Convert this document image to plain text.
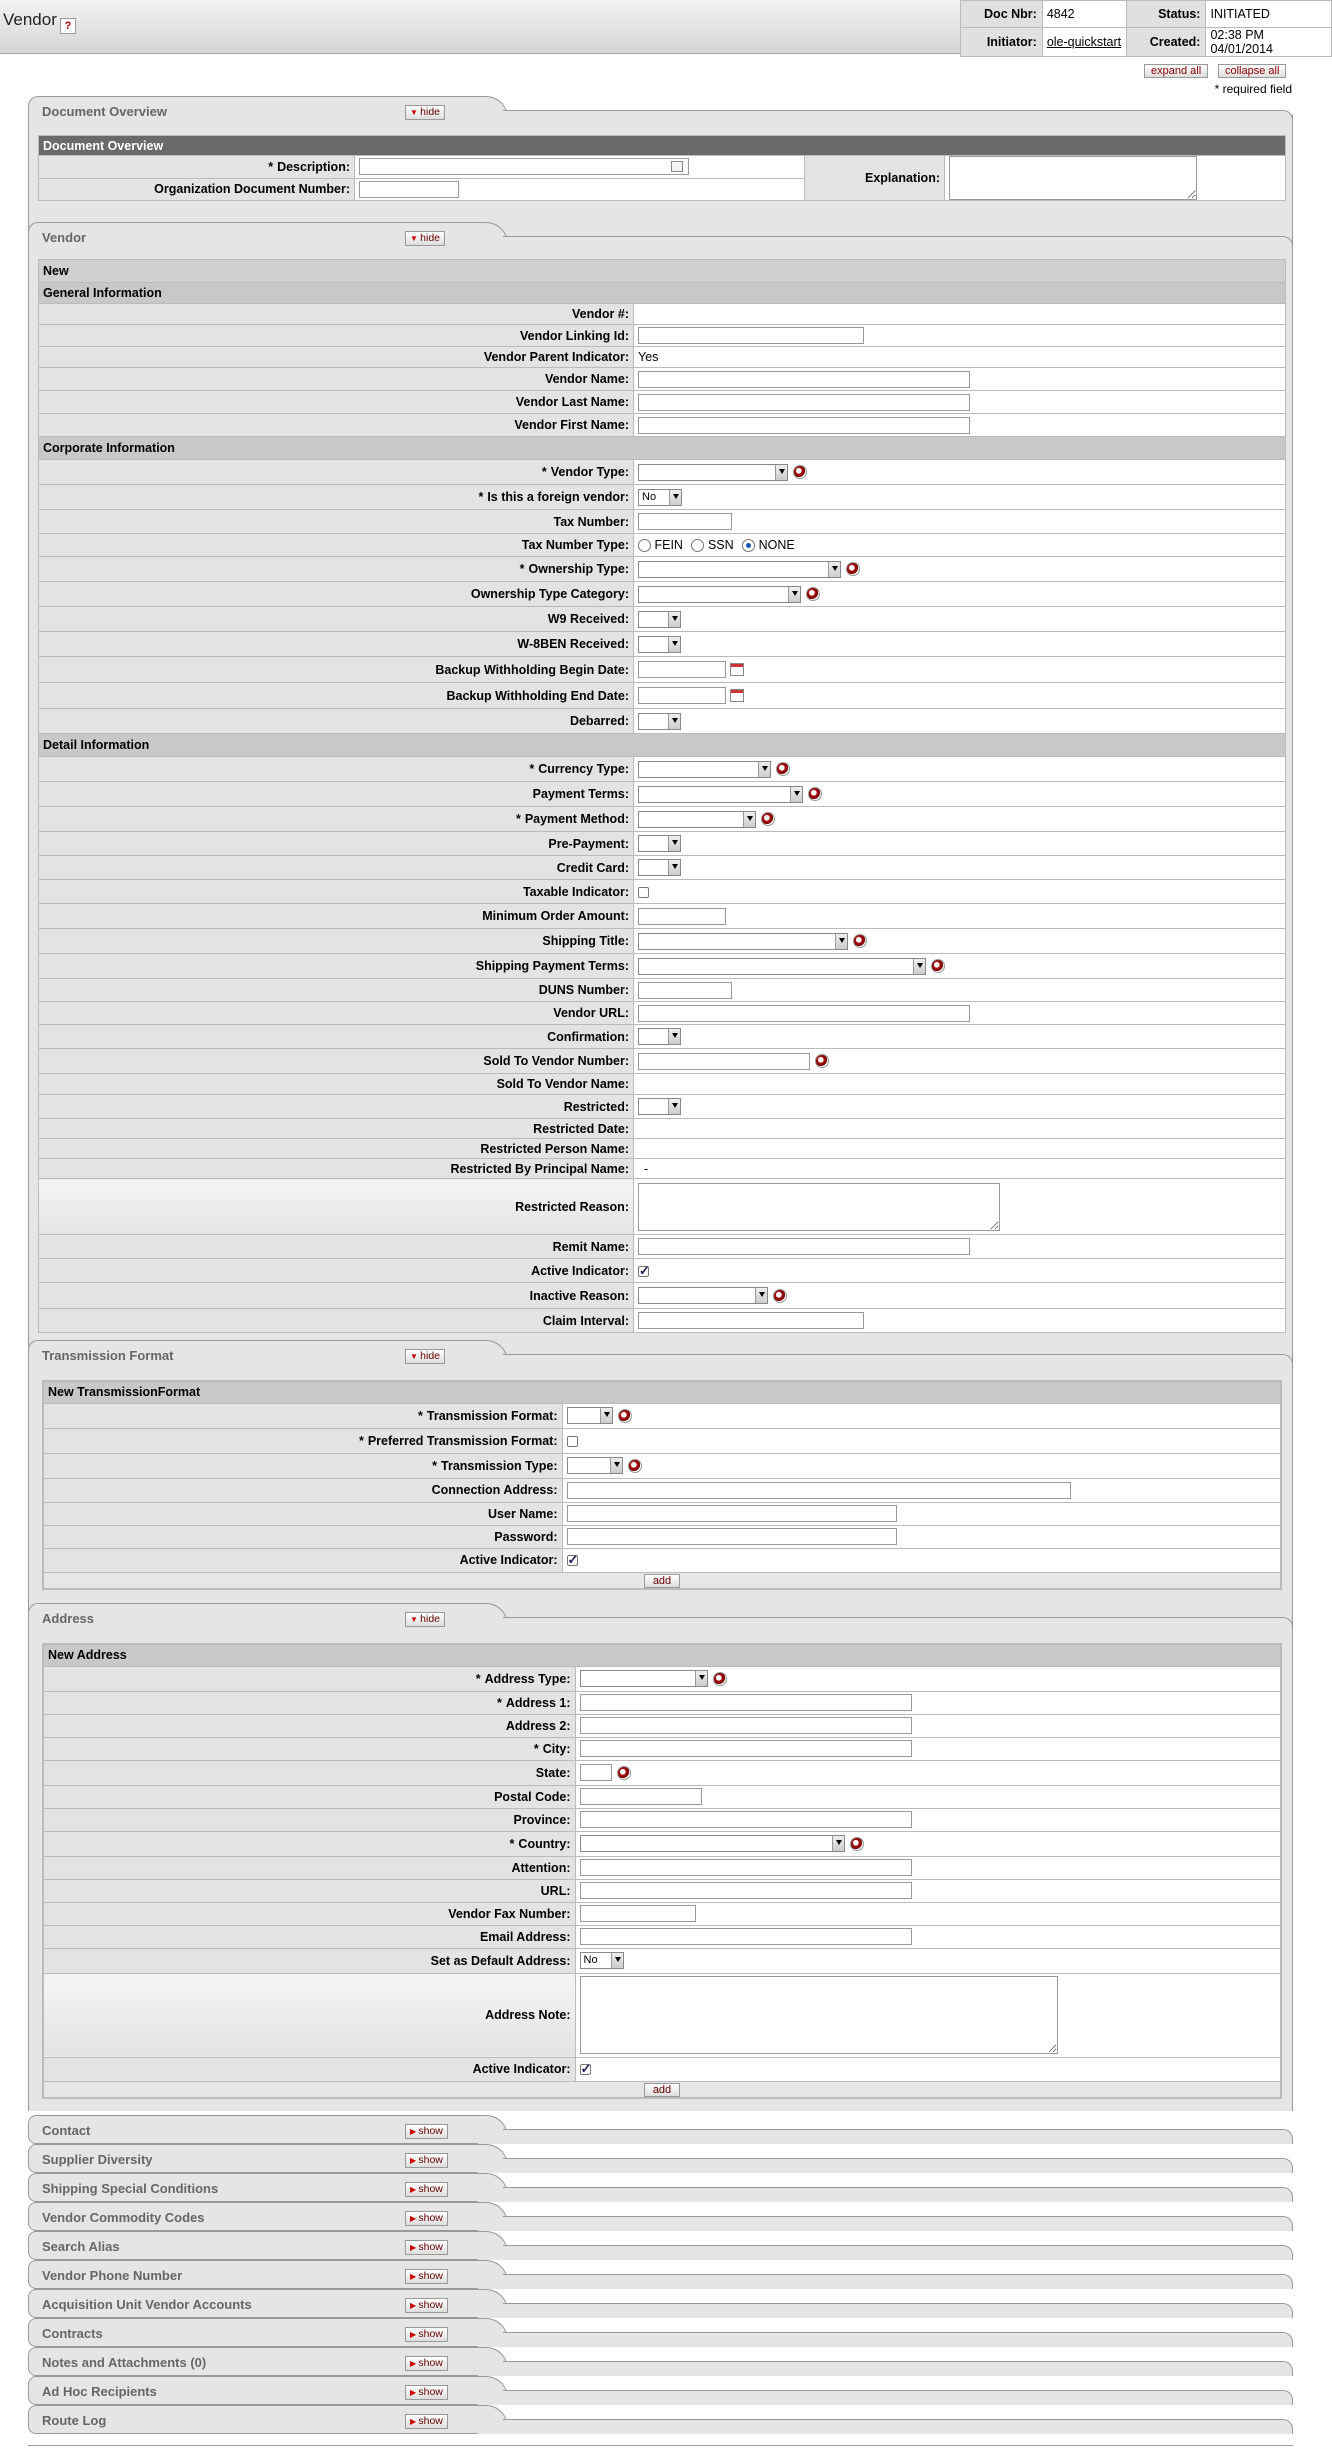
Vendor ?
Doc Nbr:	4842	Status:	INITIATED
Initiator:	ole-quickstart	Created:	02:38 PM 04/01/2014
expand all	collapse all
* required field
Document Overview	▼ hide
Document Overview			
* Description:		Explanation:	
Organization Document Number:	
Vendor	▼ hide
New	
General Information	
Vendor #:	
Vendor Linking Id:	
Vendor Parent Indicator:	Yes
Vendor Name:	
Vendor Last Name:	
Vendor First Name:	
Corporate Information	
* Vendor Type:	

* Is this a foreign vendor:	No

Tax Number:	
Tax Number Type:	FEIN SSN NONE
* Ownership Type:	

Ownership Type Category:	

W9 Received:	

W-8BEN Received:	

Backup Withholding Begin Date:	
Backup Withholding End Date:	
Debarred:	

Detail Information	
* Currency Type:	

Payment Terms:	

* Payment Method:	

Pre-Payment:	

Credit Card:	

Taxable Indicator:	
Minimum Order Amount:	
Shipping Title:	

Shipping Payment Terms:	

DUNS Number:	
Vendor URL:	
Confirmation:	

Sold To Vendor Number:	
Sold To Vendor Name:	
Restricted:	

Restricted Date:	
Restricted Person Name:	
Restricted By Principal Name:	-
Restricted Reason:	
Remit Name:	
Active Indicator:	✓
Inactive Reason:	

Claim Interval:	
Transmission Format	▼ hide
New TransmissionFormat	
* Transmission Format:	

* Preferred Transmission Format:	
* Transmission Type:	

Connection Address:	
User Name:	
Password:	
Active Indicator:	✓
add	
Address	▼ hide
New Address	
* Address Type:	

* Address 1:	
Address 2:	
* City:	
State:	
Postal Code:	
Province:	
* Country:	

Attention:	
URL:	
Vendor Fax Number:	
Email Address:	
Set as Default Address:	No

Address Note:	
Active Indicator:	✓
add	
Contact	▶ show
Supplier Diversity	▶ show
Shipping Special Conditions	▶ show
Vendor Commodity Codes	▶ show
Search Alias	▶ show
Vendor Phone Number	▶ show
Acquisition Unit Vendor Accounts	▶ show
Contracts	▶ show
Notes and Attachments (0)	▶ show
Ad Hoc Recipients	▶ show
Route Log	▶ show
